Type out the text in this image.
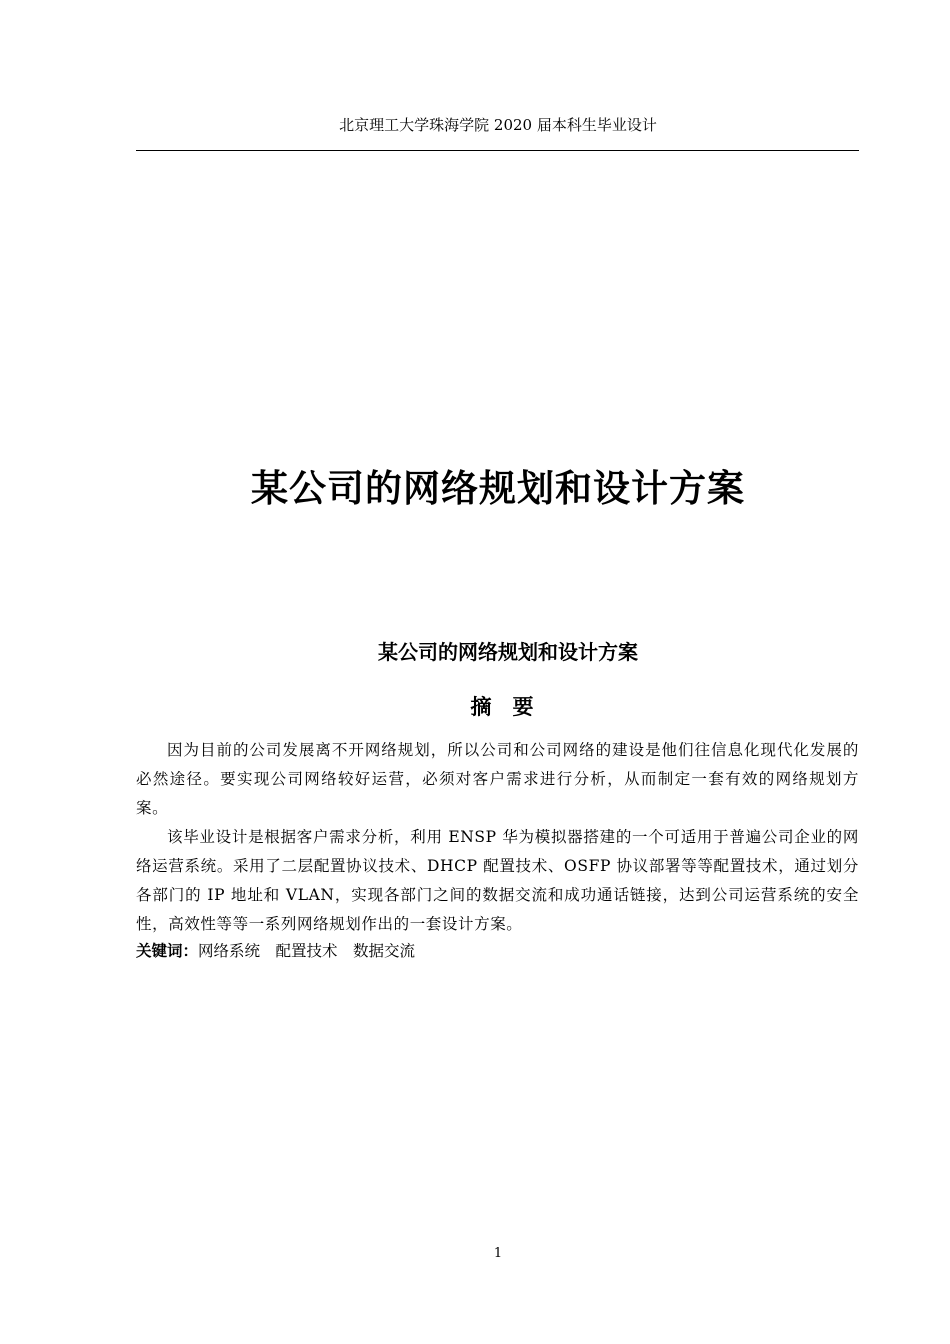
北京理工大学珠海学院 2020 届本科生毕业设计
某公司的网络规划和设计方案
某公司的网络规划和设计方案
摘　要

因为目前的公司发展离不开网络规划，所以公司和公司网络的建设是他们往信息化现代化发展的必然途径。要实现公司网络较好运营，必须对客户需求进行分析，从而制定一套有效的网络规划方案。

该毕业设计是根据客户需求分析，利用 ENSP 华为模拟器搭建的一个可适用于普遍公司企业的网络运营系统。采用了二层配置协议技术、DHCP 配置技术、OSFP 协议部署等等配置技术，通过划分各部门的 IP 地址和 VLAN，实现各部门之间的数据交流和成功通话链接，达到公司运营系统的安全性，高效性等等一系列网络规划作出的一套设计方案。

关键词：网络系统　配置技术　数据交流
1
